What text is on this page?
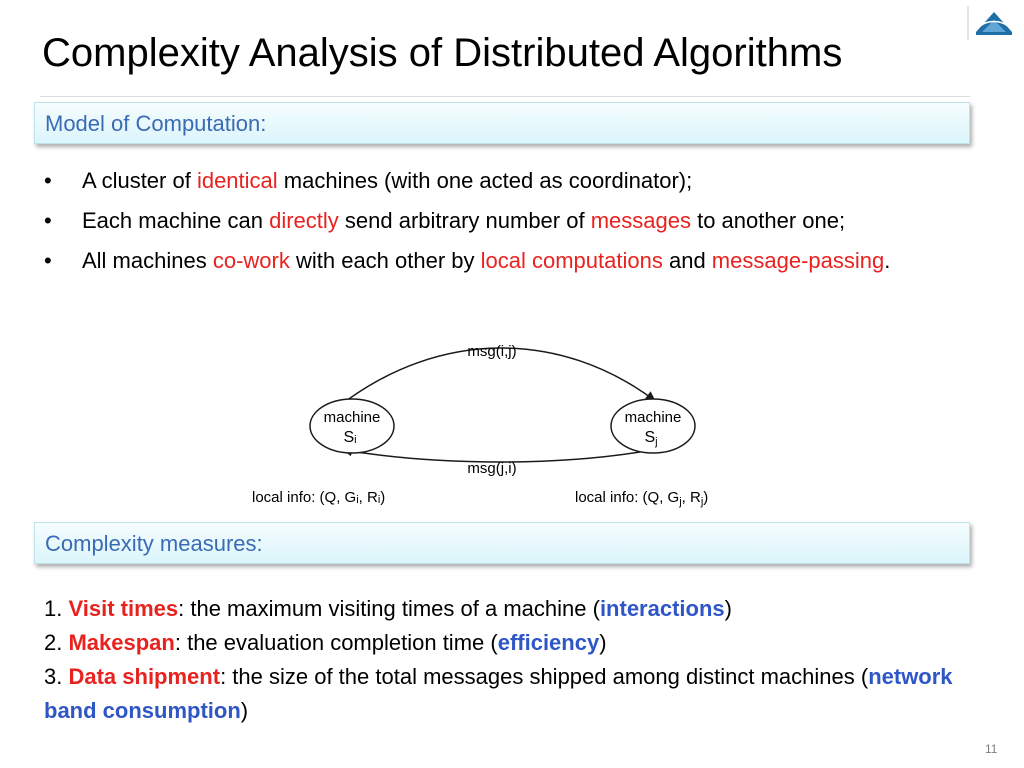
Complexity Analysis of Distributed Algorithms
Model of Computation:
• A cluster of identical machines (with one acted as coordinator);
• Each machine can directly send arbitrary number of messages to another one;
• All machines co-work with each other by local computations and message-passing.
msg(i,j)
msg(j,i)
machine
Si
machine
Sj
local info: (Q, Gi, Ri)	local info: (Q, $G_j$, $R_j$)
Complexity measures:
1. Visit times: the maximum visiting times of a machine (interactions)
2. Makespan: the evaluation completion time (efficiency)
3. Data shipment: the size of the total messages shipped among distinct machines (network band consumption)
11
